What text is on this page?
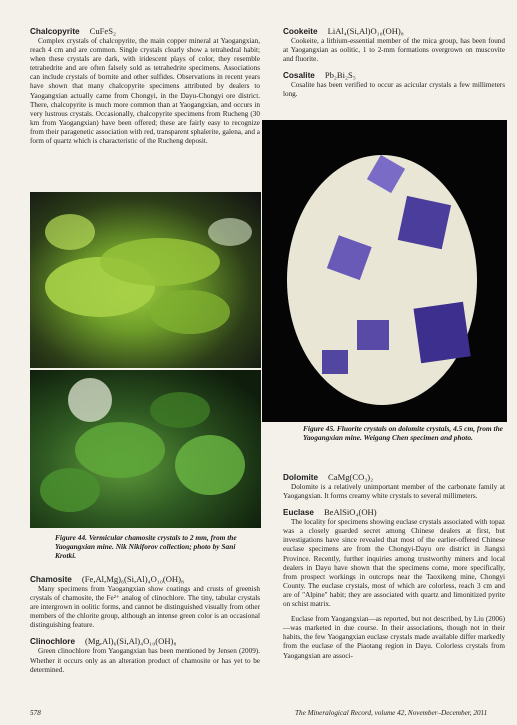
Chalcopyrite CuFeS₂

Complex crystals of chalcopyrite, the main copper mineral at Yaogangxian, reach 4 cm and are common. Single crystals clearly show a tetrahedral habit; when these crystals are dark, with iridescent plays of color, they resemble tetrahedrite and are often falsely sold as tetrahedrite specimens. Associations can include crystals of bornite and other sulfides. Observations in recent years have shown that many chalcopyrite specimens attributed by dealers to Yaogangxian actually came from Chongyi, in the Dayu-Chongyi ore district. There, chalcopyrite is much more common than at Yaogangxian, and occurs in very lustrous crystals. Occasionally, chalcopyrite specimens from Rucheng (30 km from Yaogangxian) have been offered; these are fairly easy to recognize from their paragenetic association with red, transparent sphalerite, galena, and a form of quartz which is characteristic of the Rucheng deposit.

Figure 44. Vermicular chamosite crystals to 2 mm, from the Yaogangxian mine. Nik Nikiforov collection; photo by Sani Krotki.
Chamosite (Fe,Al,Mg)₆(Si,Al)₄O₁₀(OH)₈

Many specimens from Yaogangxian show coatings and crusts of greenish crystals of chamosite, the Fe²⁺ analog of clinochlore. The tiny, tabular crystals are intergrown in oolitic forms, and cannot be distinguished visually from other members of the chlorite group, although an intense green color is an occasional distinguishing feature.

Clinochlore (Mg,Al)₆(Si,Al)₄O₁₀(OH)₈

Green clinochlore from Yaogangxian has been mentioned by Jensen (2009). Whether it occurs only as an alteration product of chamosite or has yet to be determined.

Cookeite LiAl₄(Si,Al)O₁₀(OH)₈

Cookeite, a lithium-essential member of the mica group, has been found at Yaogangxian as oolitic, 1 to 2-mm formations overgrown on muscovite and fluorite.

Cosalite Pb₂Bi₂S₅

Cosalite has been verified to occur as acicular crystals a few millimeters long.

Figure 45. Fluorite crystals on dolomite crystals, 4.5 cm, from the Yaogangxian mine. Weigang Chen specimen and photo.
Dolomite CaMg(CO₃)₂

Dolomite is a relatively unimportant member of the carbonate family at Yaogangxian. It forms creamy white crystals to several millimeters.

Euclase BeAlSiO₄(OH)

The locality for specimens showing euclase crystals associated with topaz was a closely guarded secret among Chinese dealers at first, but investigations have since revealed that most of the earlier-offered Chinese euclase specimens are from the Chongyi-Dayu ore district in Jiangxi Province. Recently, further inquiries among trustworthy miners and local dealers in Dayu have shown that the specimens come, more specifically, from prospect workings in outcrops near the Taoxikeng mine, Chongyi County. The euclase crystals, most of which are colorless, reach 3 cm and are of "Alpine" habit; they are associated with quartz and limonitized pyrite on schist matrix.

Euclase from Yaogangxian—as reported, but not described, by Liu (2006)—was marketed in due course. In their associations, though not in their habits, the few Yaogangxian euclase crystals made available differ markedly from the euclase of the Piaotang region in Dayu. Colorless crystals from Yaogangxian are associ-

578	The Mineralogical Record, volume 42, November–December, 2011
